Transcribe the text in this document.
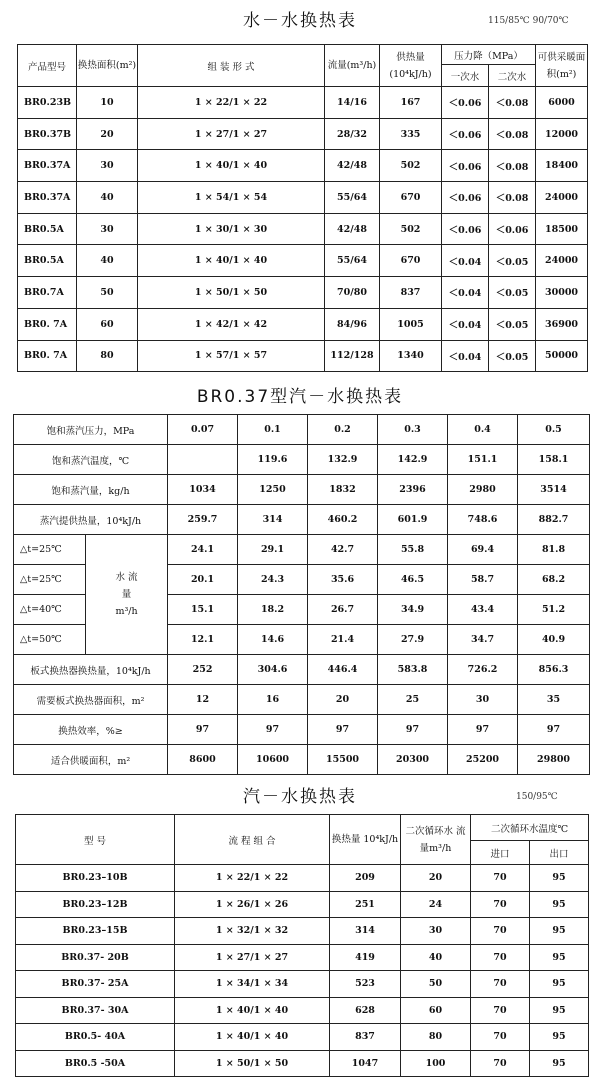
水－水换热表	115/85℃ 90/70℃
产品型号	换热面积(m²)	组 装 形 式	流量(m³/h)	供热量(10⁴kJ/h)	压力降（MPa）		可供采暖面 积(m²)
					一次水	二次水	
BR0.23B	10	1 × 22/1 × 22	14/16	167	＜0.06	＜0.08	6000
BR0.37B	20	1 × 27/1 × 27	28/32	335	＜0.06	＜0.08	12000
BR0.37A	30	1 × 40/1 × 40	42/48	502	＜0.06	＜0.08	18400
BR0.37A	40	1 × 54/1 × 54	55/64	670	＜0.06	＜0.08	24000
BR0.5A	30	1 × 30/1 × 30	42/48	502	＜0.06	＜0.06	18500
BR0.5A	40	1 × 40/1 × 40	55/64	670	＜0.04	＜0.05	24000
BR0.7A	50	1 × 50/1 × 50	70/80	837	＜0.04	＜0.05	30000
BR0. 7A	60	1 × 42/1 × 42	84/96	1005	＜0.04	＜0.05	36900
BR0. 7A	80	1 × 57/1 × 57	112/128	1340	＜0.04	＜0.05	50000
BR0.37型汽－水换热表
饱和蒸汽压力，MPa		0.07	0.1	0.2	0.3	0.4	0.5
饱和蒸汽温度，℃			119.6	132.9	142.9	151.1	158.1
饱和蒸汽量，kg/h		1034	1250	1832	2396	2980	3514
蒸汽提供热量，10⁴kJ/h		259.7	314	460.2	601.9	748.6	882.7
△t=25℃	水 流 量 m³/h	24.1	29.1	42.7	55.8	69.4	81.8
△t=25℃		20.1	24.3	35.6	46.5	58.7	68.2
△t=40℃		15.1	18.2	26.7	34.9	43.4	51.2
△t=50℃		12.1	14.6	21.4	27.9	34.7	40.9
板式换热器换热量，10⁴kJ/h		252	304.6	446.4	583.8	726.2	856.3
需要板式换热器面积，m²		12	16	20	25	30	35
换热效率，%≥		97	97	97	97	97	97
适合供暖面积，m²		8600	10600	15500	20300	25200	29800
汽－水换热表	150/95℃
型 号	流 程 组 合	换热量 10⁴kJ/h	二次循环水 流量m³/h	二次循环水温度℃	
				进口	出口
BR0.23–10B	1 × 22/1 × 22	209	20	70	95
BR0.23–12B	1 × 26/1 × 26	251	24	70	95
BR0.23–15B	1 × 32/1 × 32	314	30	70	95
BR0.37- 20B	1 × 27/1 × 27	419	40	70	95
BR0.37- 25A	1 × 34/1 × 34	523	50	70	95
BR0.37- 30A	1 × 40/1 × 40	628	60	70	95
BR0.5- 40A	1 × 40/1 × 40	837	80	70	95
BR0.5 -50A	1 × 50/1 × 50	1047	100	70	95
